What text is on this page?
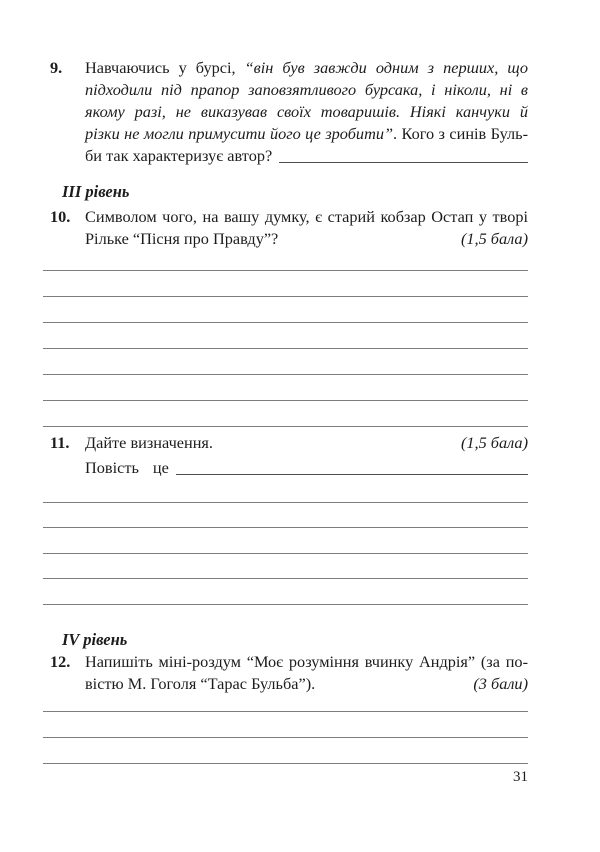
9.	Навчаючись у бурсі, “він був завжди одним з перших, що
підходили під прапор заповзятливого бурсака, і ніколи, ні в
якому разі, не виказував своїх товаришів. Ніякі канчуки й
різки не могли примусити його це зробити”. Кого з синів Буль-
би так характеризує автор?
ІІІ рівень
10. Символом чого, на вашу думку, є старий кобзар Остап у творі
Рільке “Пісня про Правду”?	(1,5 бала)
11. Дайте визначення.	(1,5 бала)
Повість це
IV рівень
12. Напишіть міні-роздум “Моє розуміння вчинку Андрія” (за по-
вістю М. Гоголя “Тарас Бульба”).	(3 бали)
31
